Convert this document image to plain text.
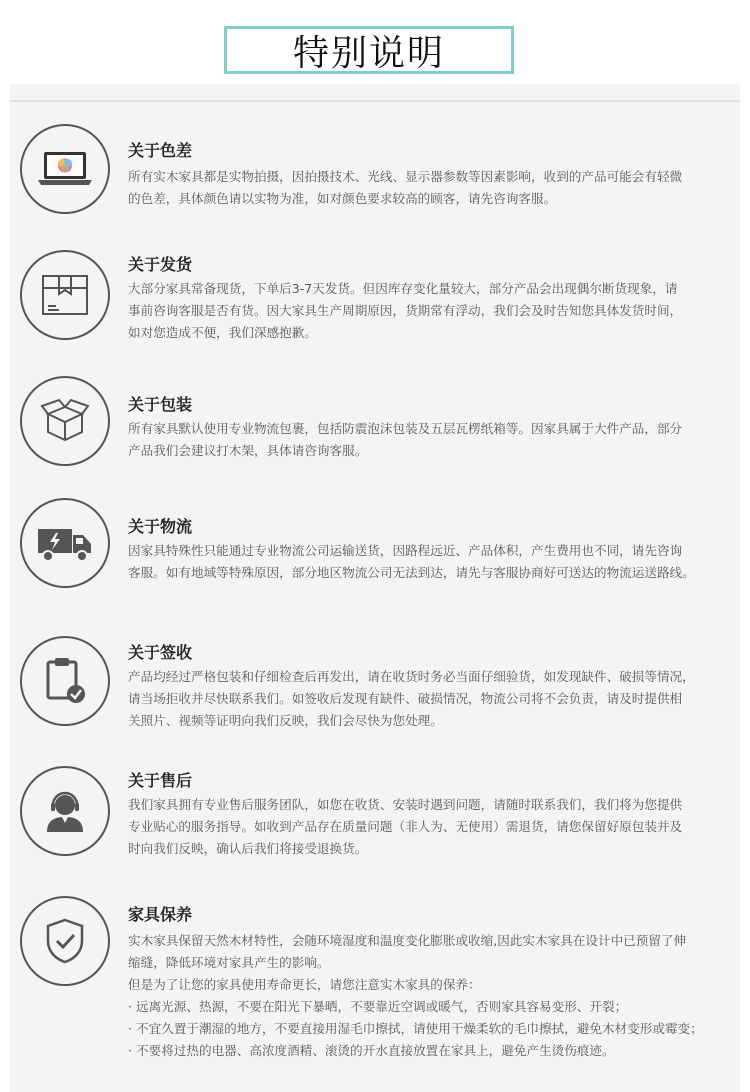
特别说明
关于色差
所有实木家具都是实物拍摄，因拍摄技术、光线、显示器参数等因素影响，收到的产品可能会有轻微
的色差，具体颜色请以实物为准，如对颜色要求较高的顾客，请先咨询客服。
关于发货
大部分家具常备现货，下单后3-7天发货。但因库存变化量较大，部分产品会出现偶尔断货现象，请
事前咨询客服是否有货。因大家具生产周期原因，货期常有浮动，我们会及时告知您具体发货时间，
如对您造成不便，我们深感抱歉。
关于包装
所有家具默认使用专业物流包裹，包括防震泡沫包装及五层瓦楞纸箱等。因家具属于大件产品，部分
产品我们会建议打木架，具体请咨询客服。
关于物流
因家具特殊性只能通过专业物流公司运输送货，因路程远近、产品体积，产生费用也不同，请先咨询
客服。如有地域等特殊原因，部分地区物流公司无法到达，请先与客服协商好可送达的物流运送路线。
关于签收
产品均经过严格包装和仔细检查后再发出，请在收货时务必当面仔细验货，如发现缺件、破损等情况，
请当场拒收并尽快联系我们。如签收后发现有缺件、破损情况，物流公司将不会负责，请及时提供相
关照片、视频等证明向我们反映，我们会尽快为您处理。
关于售后
我们家具拥有专业售后服务团队，如您在收货、安装时遇到问题，请随时联系我们，我们将为您提供
专业贴心的服务指导。如收到产品存在质量问题（非人为、无使用）需退货，请您保留好原包装并及
时向我们反映，确认后我们将接受退换货。
家具保养
实木家具保留天然木材特性，会随环境湿度和温度变化膨胀或收缩,因此实木家具在设计中已预留了伸
缩缝，降低环境对家具产生的影响。
但是为了让您的家具使用寿命更长，请您注意实木家具的保养：
· 远离光源、热源，不要在阳光下暴晒，不要靠近空调或暖气，否则家具容易变形、开裂；
· 不宜久置于潮湿的地方，不要直接用湿毛巾擦拭，请使用干燥柔软的毛巾擦拭，避免木材变形或霉变；
· 不要将过热的电器、高浓度酒精、滚烫的开水直接放置在家具上，避免产生烫伤痕迹。
